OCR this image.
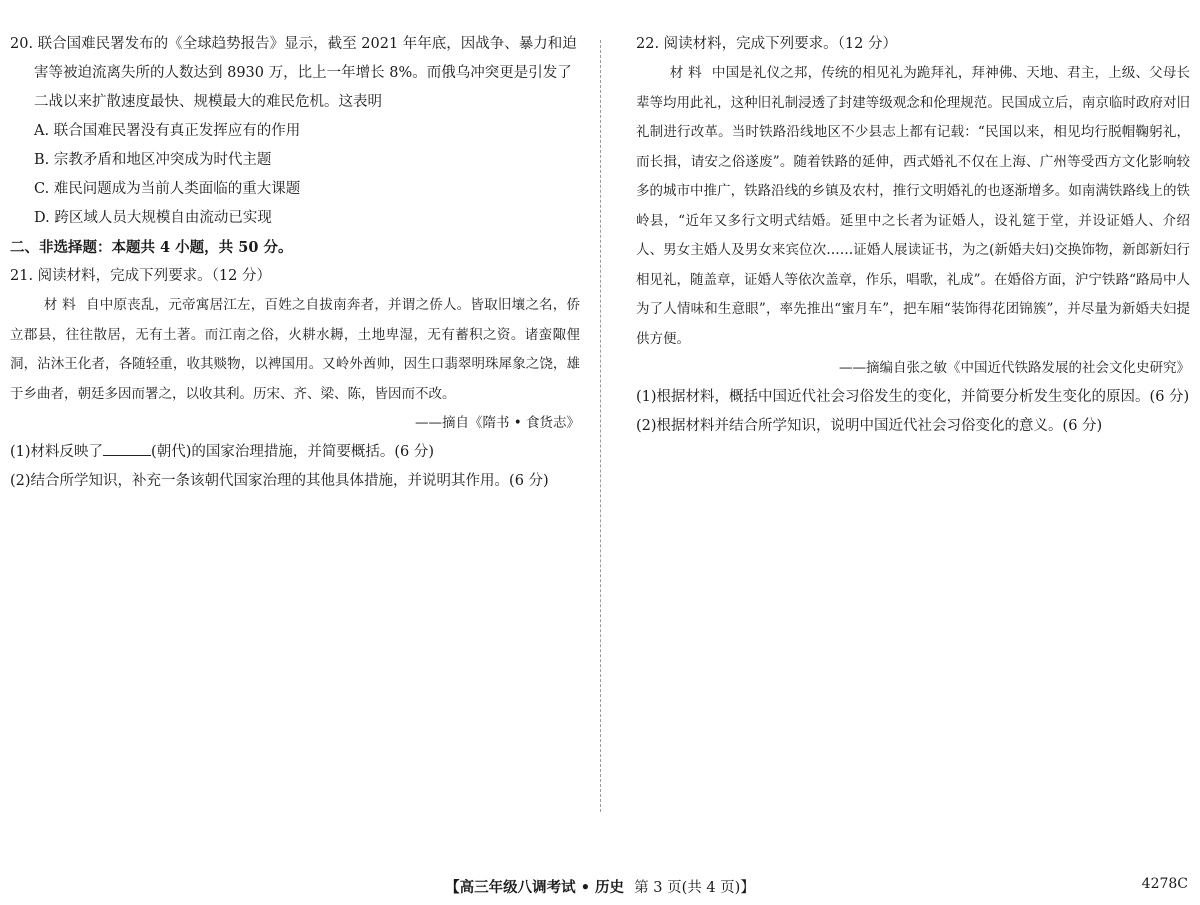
20. 联合国难民署发布的《全球趋势报告》显示，截至 2021 年年底，因战争、暴力和迫害等被迫流离失所的人数达到 8930 万，比上一年增长 8%。而俄乌冲突更是引发了二战以来扩散速度最快、规模最大的难民危机。这表明

A. 联合国难民署没有真正发挥应有的作用

B. 宗教矛盾和地区冲突成为时代主题

C. 难民问题成为当前人类面临的重大课题

D. 跨区域人员大规模自由流动已实现

二、非选择题：本题共 4 小题，共 50 分。

21. 阅读材料，完成下列要求。（12 分）

材料 自中原丧乱，元帝寓居江左，百姓之自拔南奔者，并谓之侨人。皆取旧壤之名，侨立郡县，往往散居，无有土著。而江南之俗，火耕水耨，土地卑湿，无有蓄积之资。诸蛮陬俚洞，沾沐王化者，各随轻重，收其赕物，以裨国用。又岭外酋帅，因生口翡翠明珠犀象之饶，雄于乡曲者，朝廷多因而署之，以收其利。历宋、齐、梁、陈，皆因而不改。

——摘自《隋书 • 食货志》

(1)材料反映了	(朝代)的国家治理措施，并简要概括。(6 分)

(2)结合所学知识，补充一条该朝代国家治理的其他具体措施，并说明其作用。(6 分)

22. 阅读材料，完成下列要求。（12 分）

材料 中国是礼仪之邦，传统的相见礼为跪拜礼，拜神佛、天地、君主，上级、父母长辈等均用此礼，这种旧礼制浸透了封建等级观念和伦理规范。民国成立后，南京临时政府对旧礼制进行改革。当时铁路沿线地区不少县志上都有记载：“民国以来，相见均行脱帽鞠躬礼，而长揖，请安之俗遂废”。随着铁路的延伸，西式婚礼不仅在上海、广州等受西方文化影响较多的城市中推广，铁路沿线的乡镇及农村，推行文明婚礼的也逐渐增多。如南满铁路线上的铁岭县，“近年又多行文明式结婚。延里中之长者为证婚人，设礼筵于堂，并设证婚人、介绍人、男女主婚人及男女来宾位次……证婚人展读证书，为之(新婚夫妇)交换饰物，新郎新妇行相见礼，随盖章，证婚人等依次盖章，作乐，唱歌，礼成”。在婚俗方面，沪宁铁路“路局中人为了人情味和生意眼”，率先推出“蜜月车”，把车厢“装饰得花团锦簇”，并尽量为新婚夫妇提供方便。

——摘编自张之敏《中国近代铁路发展的社会文化史研究》

(1)根据材料，概括中国近代社会习俗发生的变化，并简要分析发生变化的原因。(6 分)

(2)根据材料并结合所学知识，说明中国近代社会习俗变化的意义。(6 分)

【高三年级八调考试 • 历史 第 3 页(共 4 页)】	4278C
